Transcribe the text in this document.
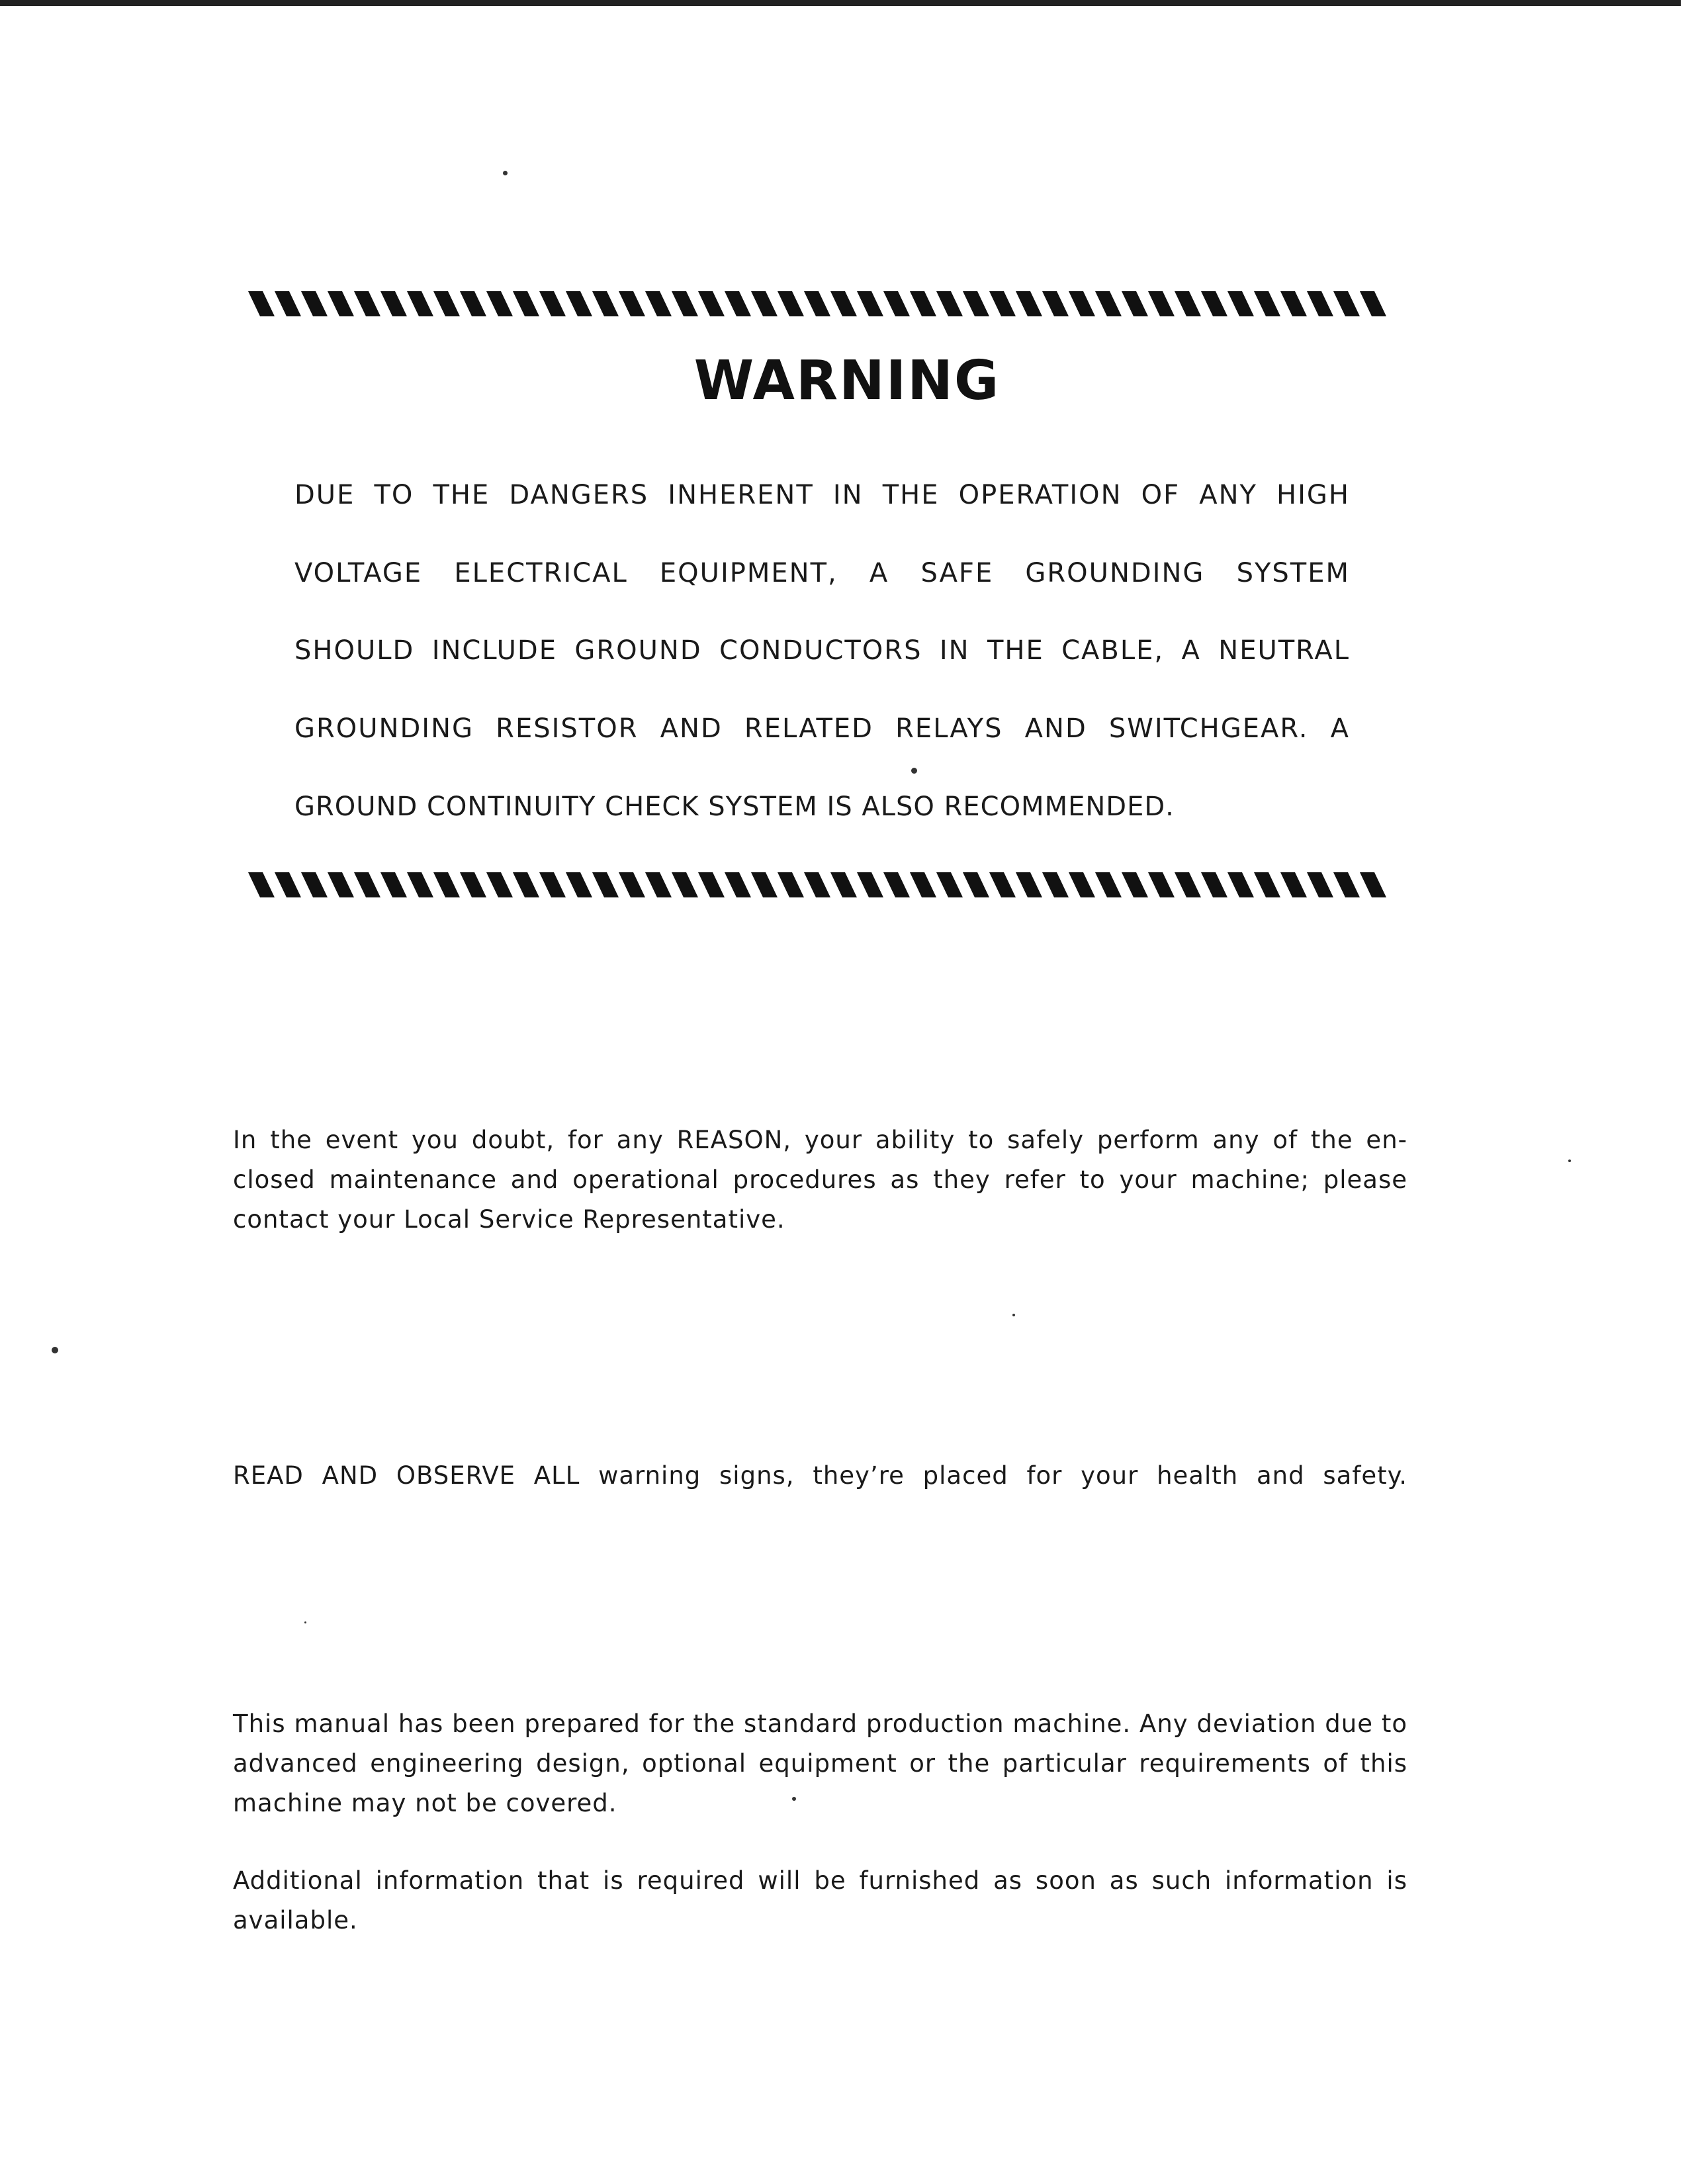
WARNING
DUE TO THE DANGERS INHERENT IN THE OPERATION OF ANY HIGH
VOLTAGE ELECTRICAL EQUIPMENT, A SAFE GROUNDING SYSTEM
SHOULD INCLUDE GROUND CONDUCTORS IN THE CABLE, A NEUTRAL
GROUNDING RESISTOR AND RELATED RELAYS AND SWITCHGEAR. A
GROUND CONTINUITY CHECK SYSTEM IS ALSO RECOMMENDED.
In the event you doubt, for any REASON, your ability to safely perform any of the en-
closed maintenance and operational procedures as they refer to your machine; please
contact your Local Service Representative.
READ AND OBSERVE ALL warning signs, they’re placed for your health and safety.
This manual has been prepared for the standard production machine. Any deviation due to
advanced engineering design, optional equipment or the particular requirements of this
machine may not be covered.
Additional information that is required will be furnished as soon as such information is
available.
